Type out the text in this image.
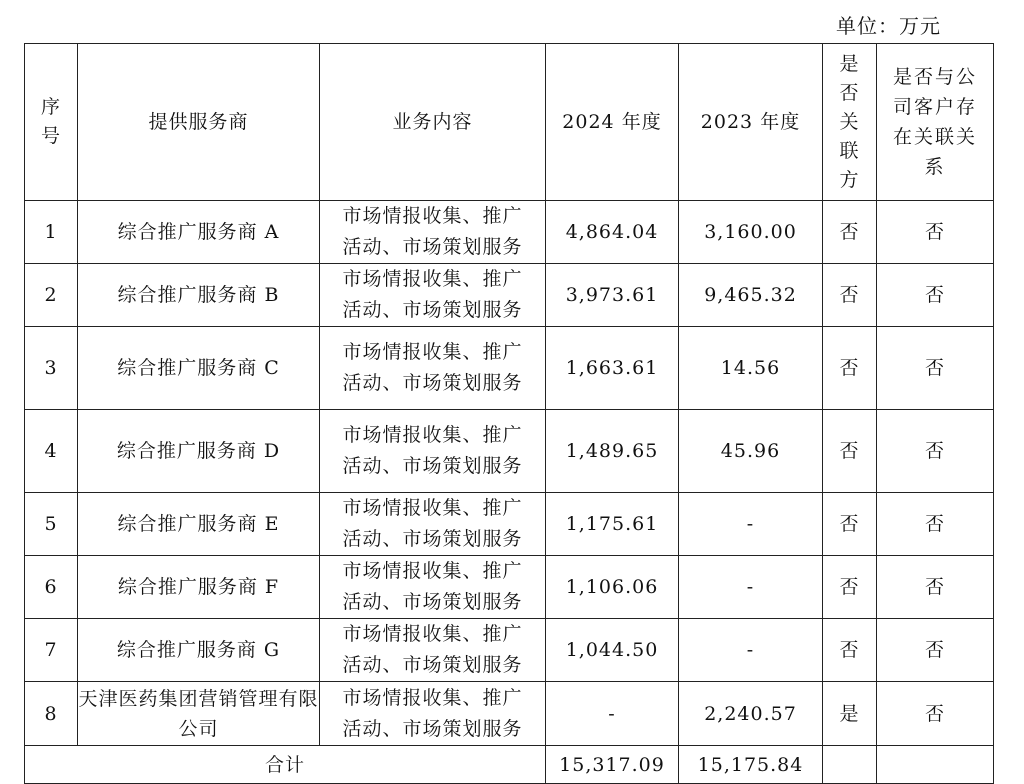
单位：万元
序号	提供服务商	业务内容	2024 年度	2023 年度	是否关联方	是否与公司客户存在关联关系

1	综合推广服务商 A	市场情报收集、推广活动、市场策划服务	4,864.04	3,160.00	否	否
2	综合推广服务商 B	市场情报收集、推广活动、市场策划服务	3,973.61	9,465.32	否	否
3	综合推广服务商 C	市场情报收集、推广活动、市场策划服务	1,663.61	14.56	否	否
4	综合推广服务商 D	市场情报收集、推广活动、市场策划服务	1,489.65	45.96	否	否
5	综合推广服务商 E	市场情报收集、推广活动、市场策划服务	1,175.61	-	否	否
6	综合推广服务商 F	市场情报收集、推广活动、市场策划服务	1,106.06	-	否	否
7	综合推广服务商 G	市场情报收集、推广活动、市场策划服务	1,044.50	-	否	否
8	天津医药集团营销管理有限公司	市场情报收集、推广活动、市场策划服务	-	2,240.57	是	否
合计			15,317.09	15,175.84		
